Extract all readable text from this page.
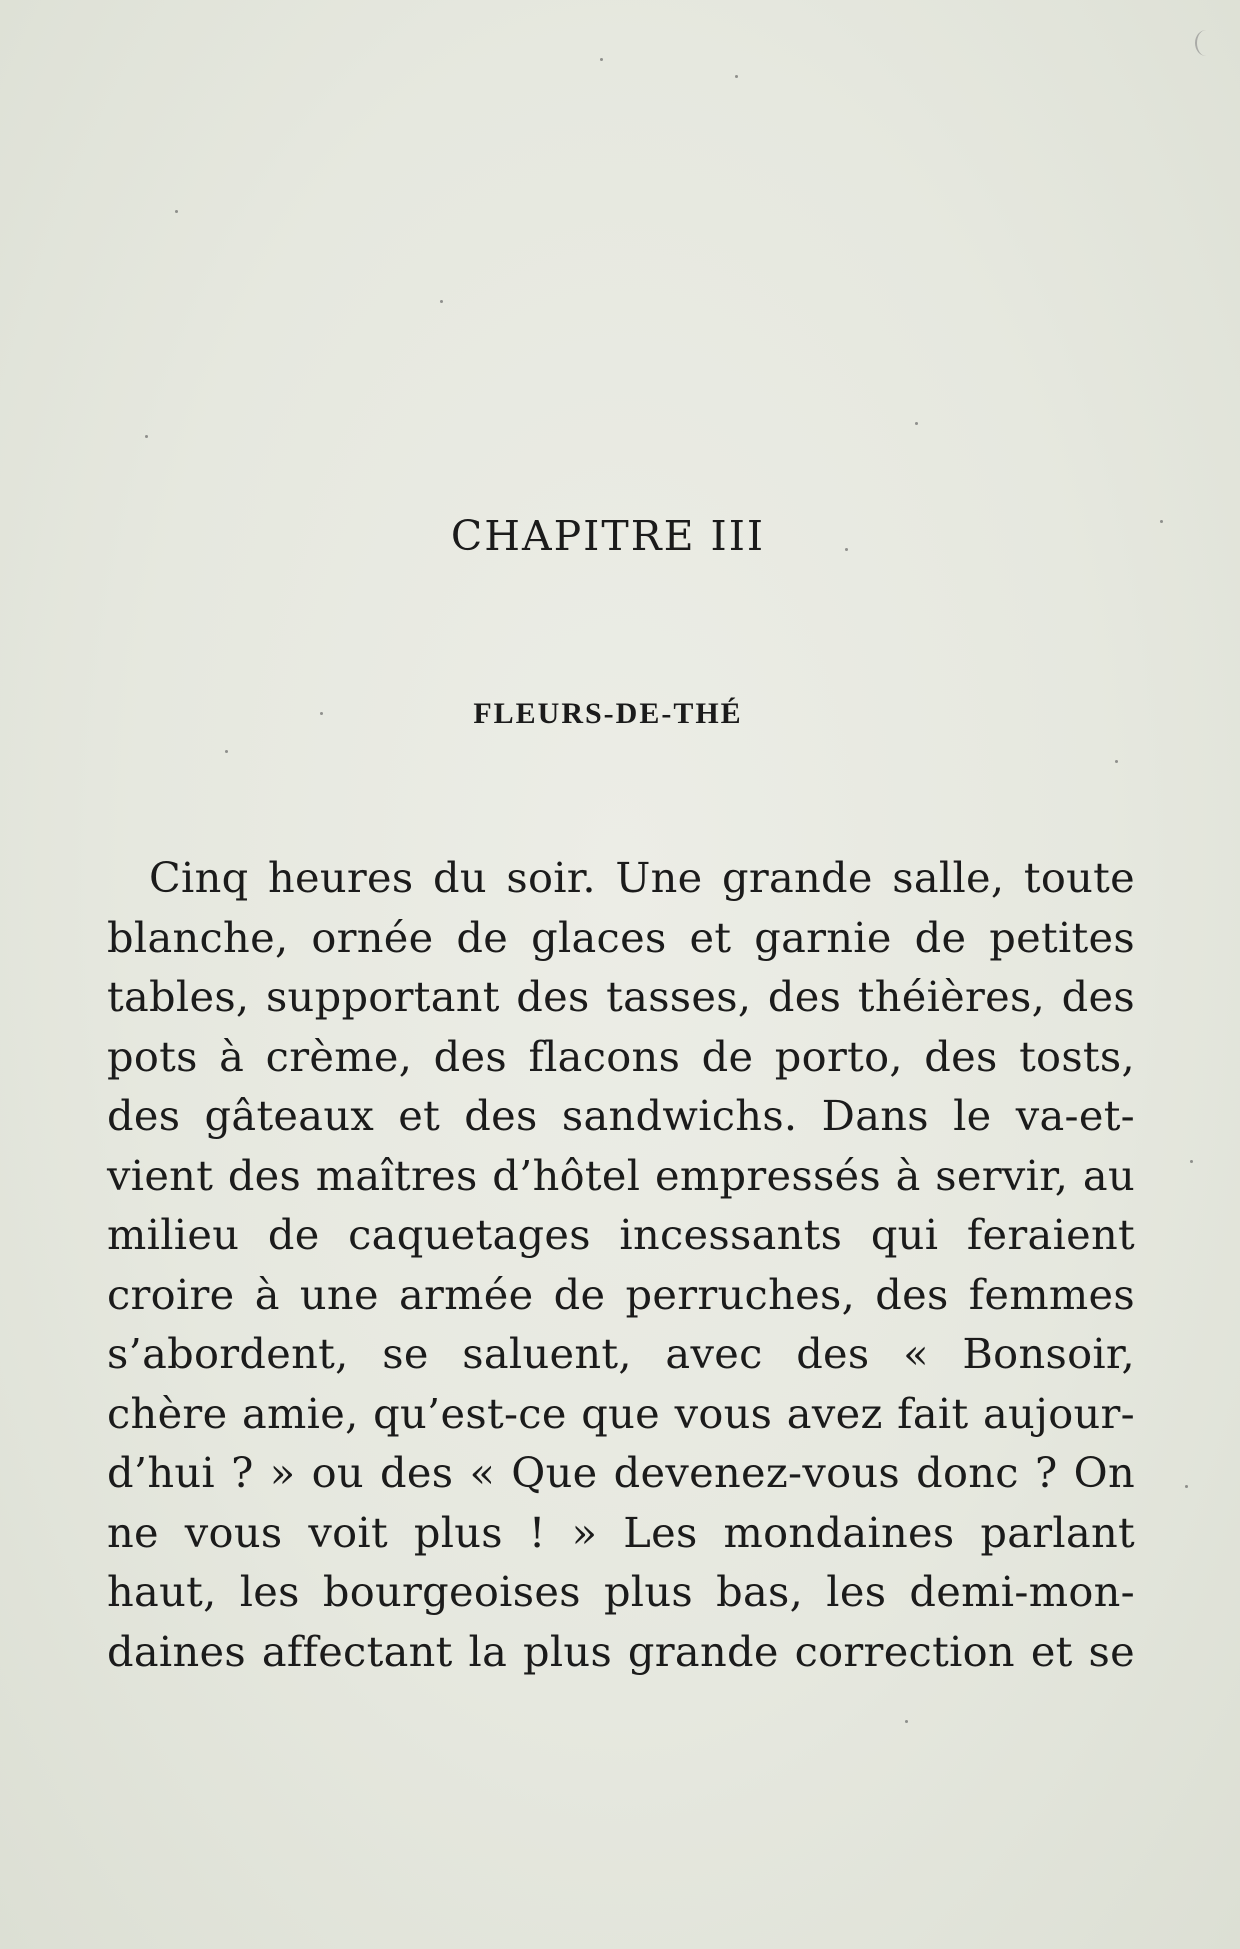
CHAPITRE III
FLEURS-DE-THÉ
Cinq heures du soir. Une grande salle, toute
blanche, ornée de glaces et garnie de petites
tables, supportant des tasses, des théières, des
pots à crème, des flacons de porto, des tosts,
des gâteaux et des sandwichs. Dans le va-et-
vient des maîtres d’hôtel empressés à servir, au
milieu de caquetages incessants qui feraient
croire à une armée de perruches, des femmes
s’abordent, se saluent, avec des « Bonsoir,
chère amie, qu’est-ce que vous avez fait aujour-
d’hui ? » ou des « Que devenez-vous donc ? On
ne vous voit plus ! » Les mondaines parlant
haut, les bourgeoises plus bas, les demi-mon-
daines affectant la plus grande correction et se
